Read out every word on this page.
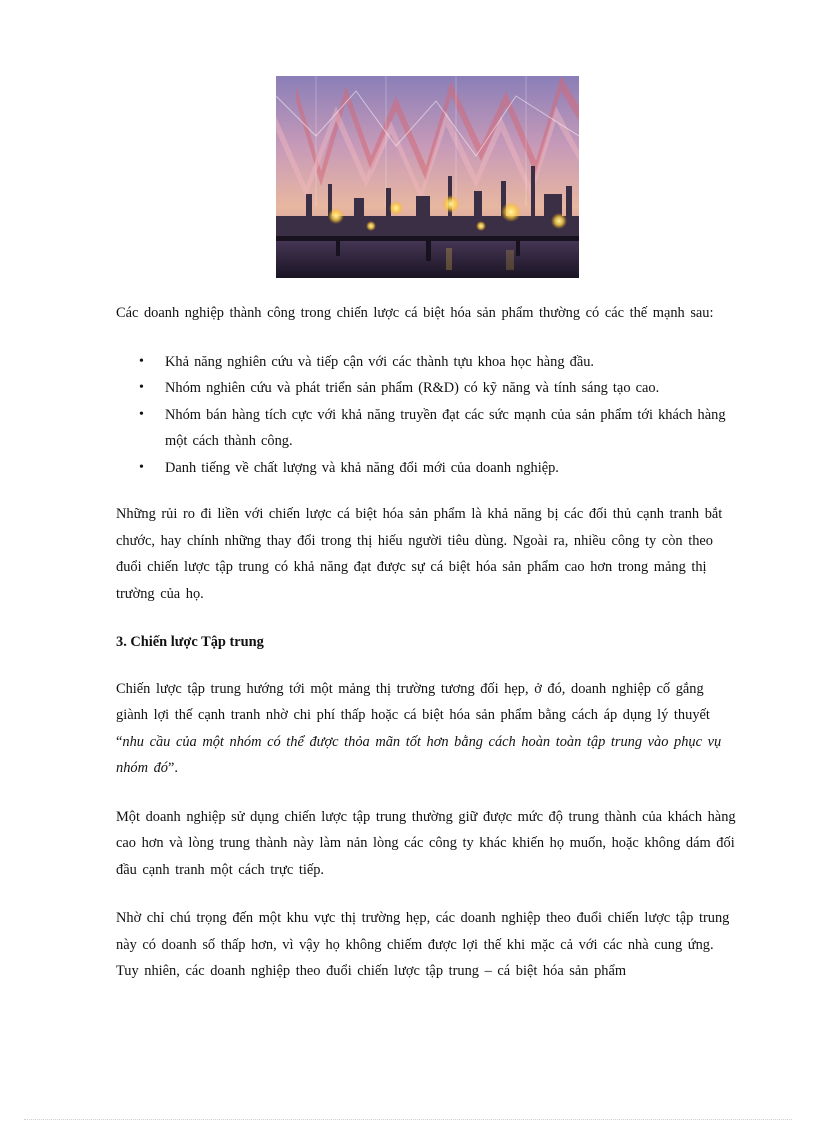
Các doanh nghiệp thành công trong chiến lược cá biệt hóa sản phẩm thường có các thế mạnh sau:

• Khả năng nghiên cứu và tiếp cận với các thành tựu khoa học hàng đầu.
• Nhóm nghiên cứu và phát triển sản phẩm (R&D) có kỹ năng và tính sáng tạo cao.
• Nhóm bán hàng tích cực với khả năng truyền đạt các sức mạnh của sản phẩm tới khách hàng một cách thành công.
• Danh tiếng về chất lượng và khả năng đổi mới của doanh nghiệp.

Những rủi ro đi liền với chiến lược cá biệt hóa sản phẩm là khả năng bị các đối thủ cạnh tranh bắt chước, hay chính những thay đổi trong thị hiếu người tiêu dùng. Ngoài ra, nhiều công ty còn theo đuổi chiến lược tập trung có khả năng đạt được sự cá biệt hóa sản phẩm cao hơn trong mảng thị trường của họ.

3. Chiến lược Tập trung

Chiến lược tập trung hướng tới một mảng thị trường tương đối hẹp, ở đó, doanh nghiệp cố gắng giành lợi thế cạnh tranh nhờ chi phí thấp hoặc cá biệt hóa sản phẩm bằng cách áp dụng lý thuyết “nhu cầu của một nhóm có thể được thỏa mãn tốt hơn bằng cách hoàn toàn tập trung vào phục vụ nhóm đó”.

Một doanh nghiệp sử dụng chiến lược tập trung thường giữ được mức độ trung thành của khách hàng cao hơn và lòng trung thành này làm nản lòng các công ty khác khiến họ muốn, hoặc không dám đối đầu cạnh tranh một cách trực tiếp.

Nhờ chỉ chú trọng đến một khu vực thị trường hẹp, các doanh nghiệp theo đuổi chiến lược tập trung này có doanh số thấp hơn, vì vậy họ không chiếm được lợi thế khi mặc cả với các nhà cung ứng. Tuy nhiên, các doanh nghiệp theo đuổi chiến lược tập trung – cá biệt hóa sản phẩm
